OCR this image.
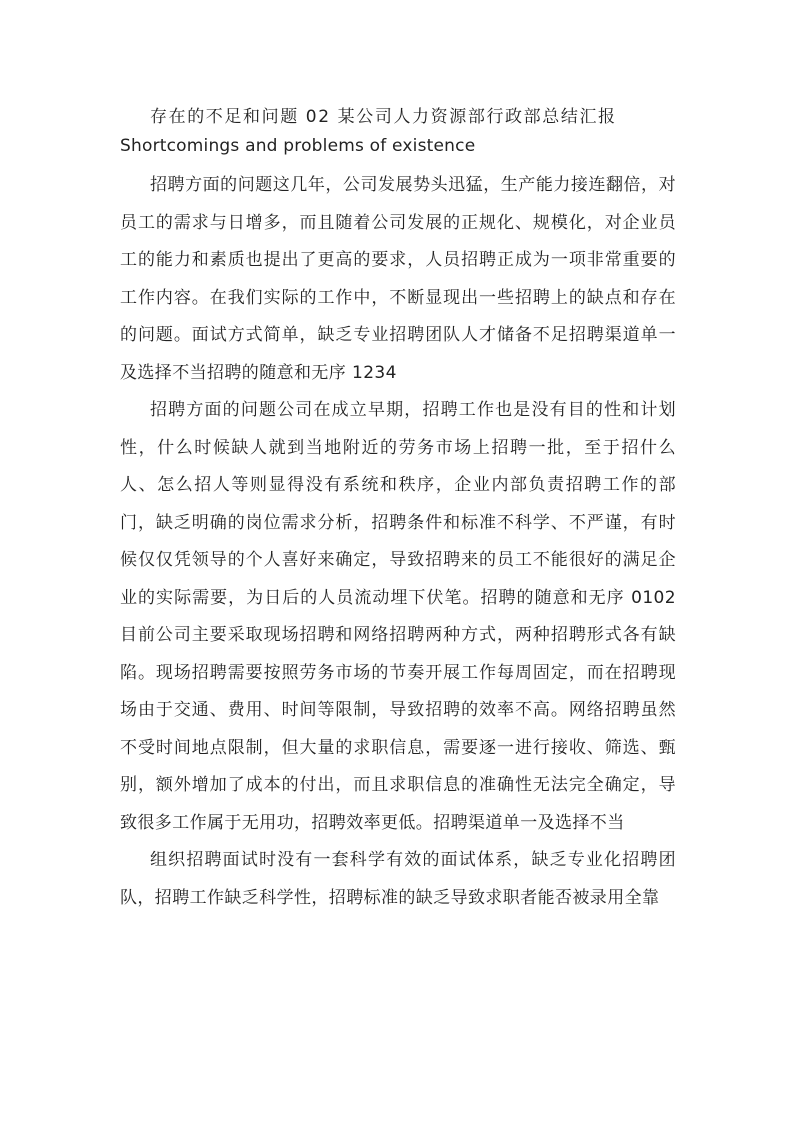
存在的不足和问题 02 某公司人力资源部行政部总结汇报

Shortcomings and problems of existence

招聘方面的问题这几年，公司发展势头迅猛，生产能力接连翻倍，对员工的需求与日增多，而且随着公司发展的正规化、规模化，对企业员工的能力和素质也提出了更高的要求，人员招聘正成为一项非常重要的工作内容。在我们实际的工作中，不断显现出一些招聘上的缺点和存在的问题。面试方式简单，缺乏专业招聘团队人才储备不足招聘渠道单一及选择不当招聘的随意和无序 1234

招聘方面的问题公司在成立早期，招聘工作也是没有目的性和计划性，什么时候缺人就到当地附近的劳务市场上招聘一批，至于招什么人、怎么招人等则显得没有系统和秩序，企业内部负责招聘工作的部门，缺乏明确的岗位需求分析，招聘条件和标准不科学、不严谨，有时候仅仅凭领导的个人喜好来确定，导致招聘来的员工不能很好的满足企业的实际需要，为日后的人员流动埋下伏笔。招聘的随意和无序 0102 目前公司主要采取现场招聘和网络招聘两种方式，两种招聘形式各有缺陷。现场招聘需要按照劳务市场的节奏开展工作每周固定，而在招聘现场由于交通、费用、时间等限制，导致招聘的效率不高。网络招聘虽然不受时间地点限制，但大量的求职信息，需要逐一进行接收、筛选、甄别，额外增加了成本的付出，而且求职信息的准确性无法完全确定，导致很多工作属于无用功，招聘效率更低。招聘渠道单一及选择不当

组织招聘面试时没有一套科学有效的面试体系，缺乏专业化招聘团队，招聘工作缺乏科学性，招聘标准的缺乏导致求职者能否被录用全靠
